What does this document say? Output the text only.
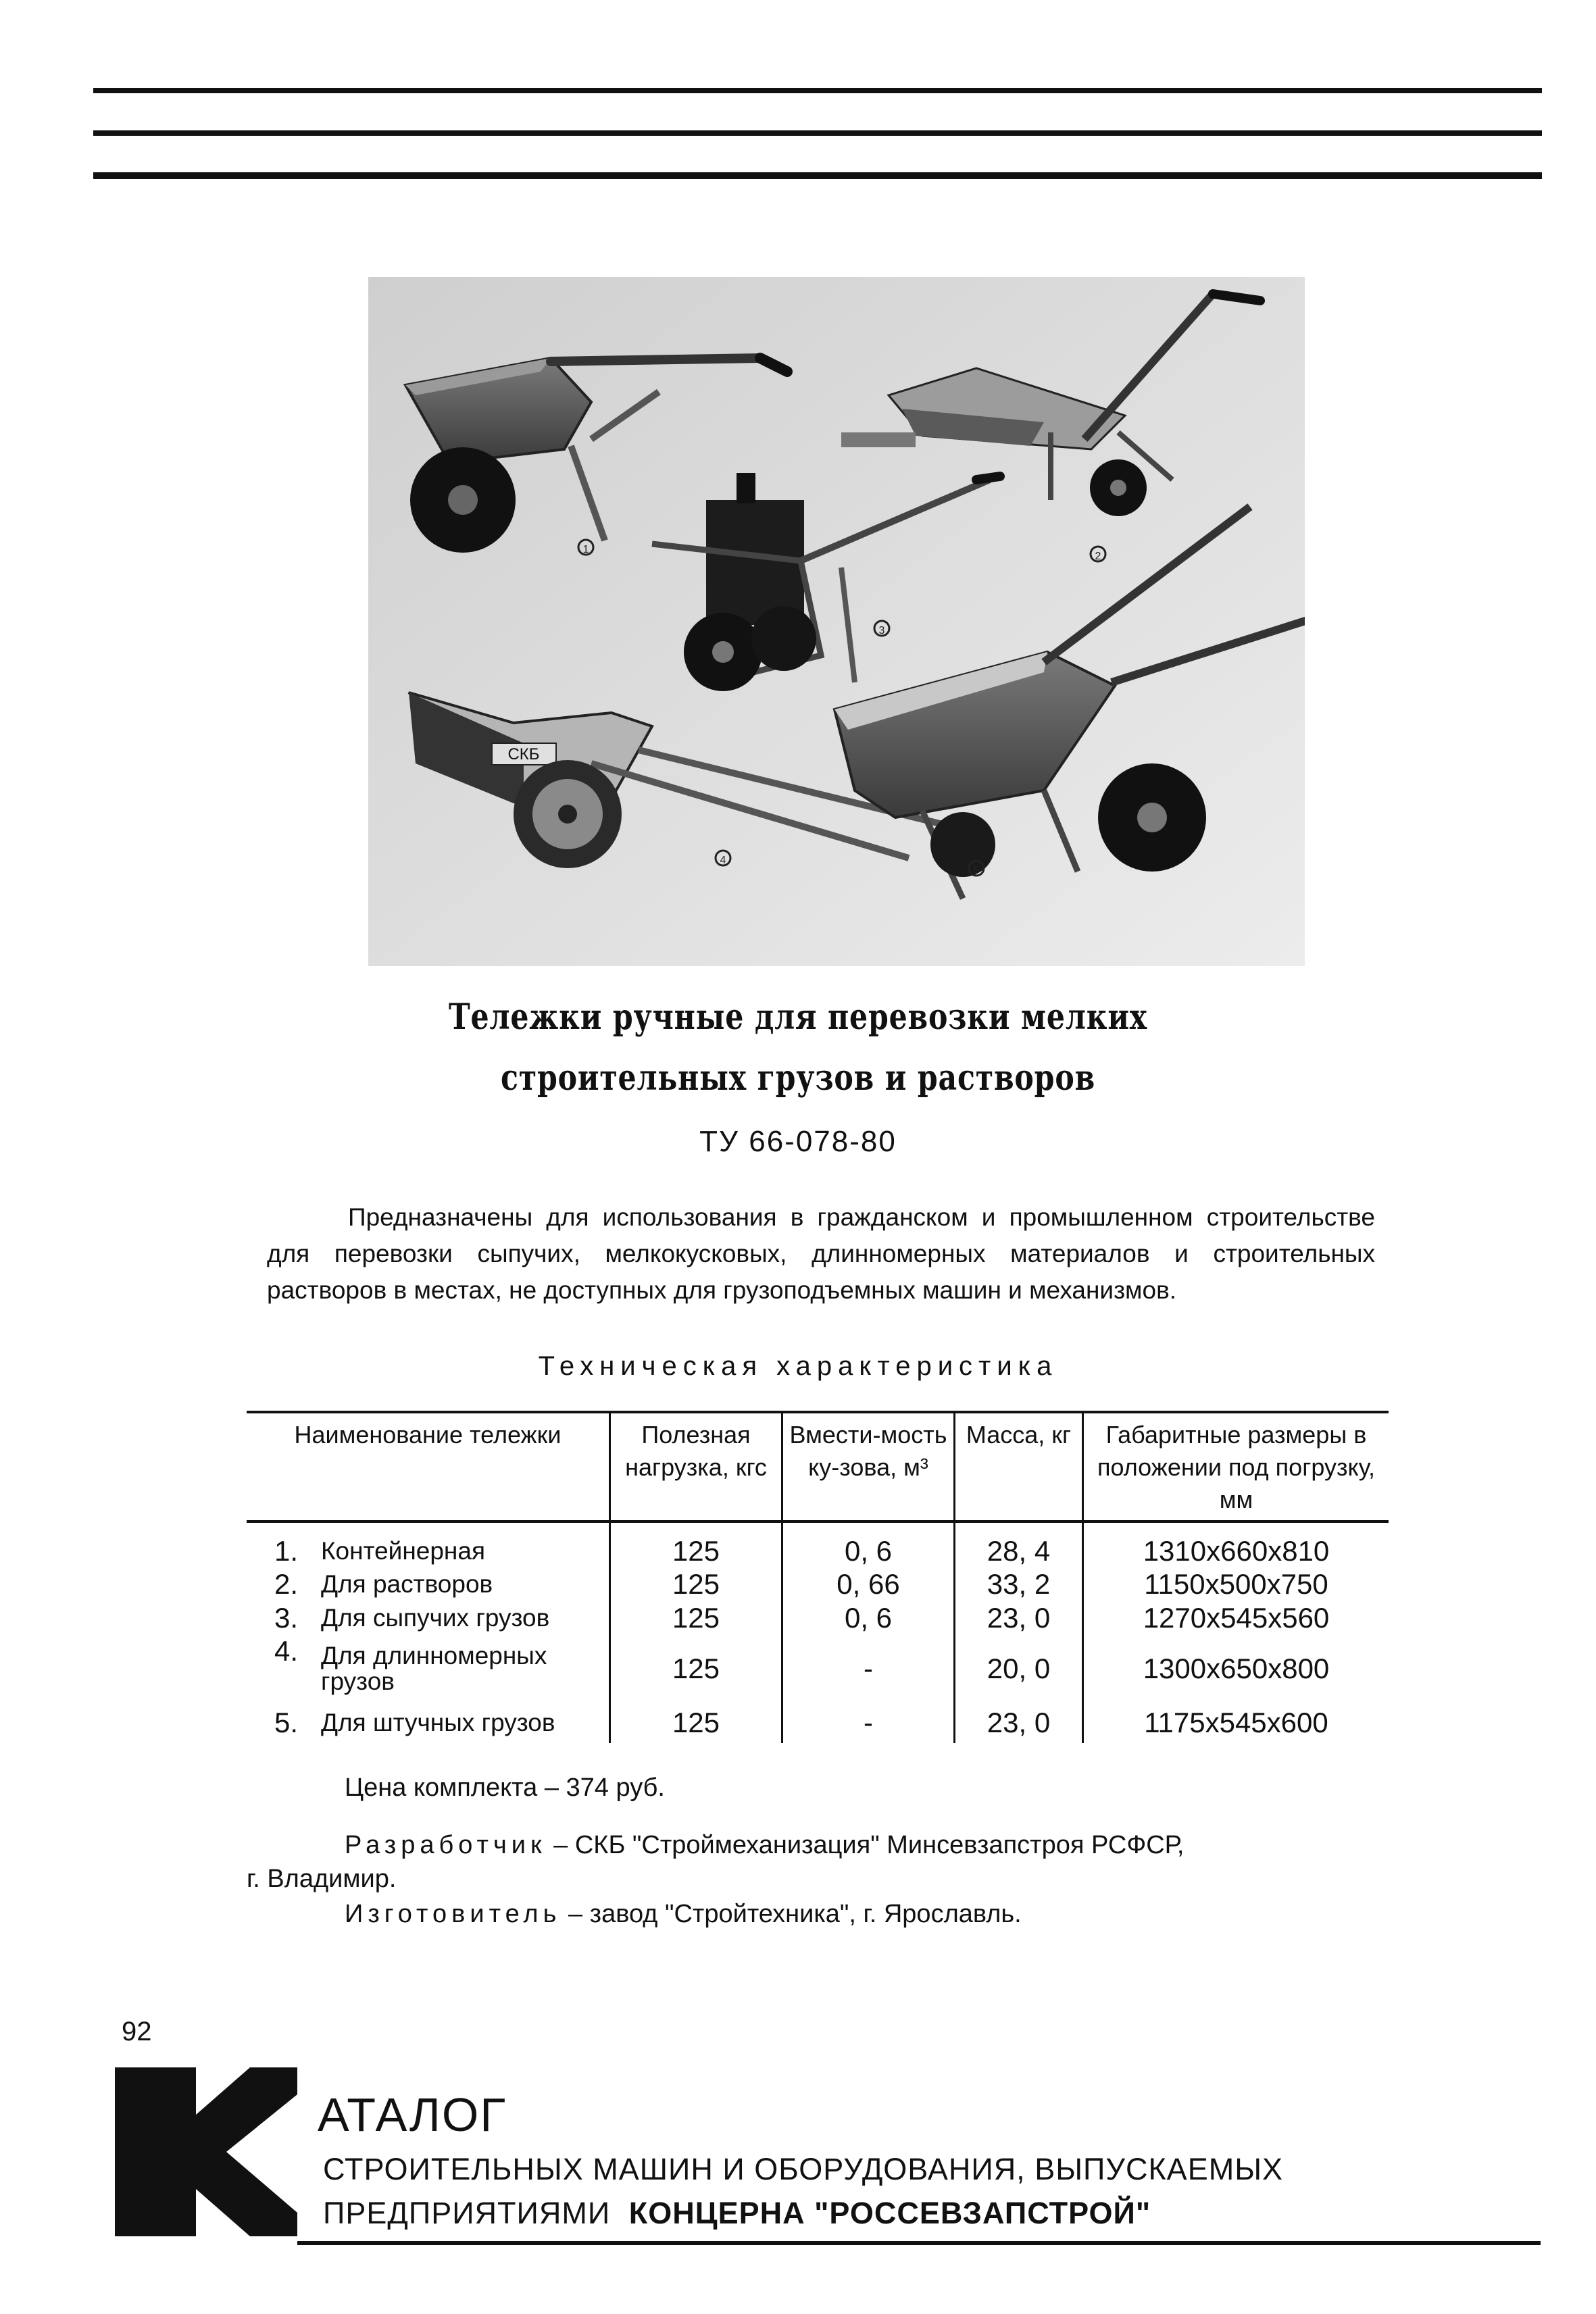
1
2
3
СКБ
4
5
Тележки ручные для перевозки мелких
строительных грузов и растворов
ТУ 66-078-80

Предназначены для использования в гражданском и промышленном строительстве для перевозки сыпучих, мелкокусковых, длинномерных материалов и строительных растворов в местах, не доступных для грузоподъемных машин и механизмов.

Техническая характеристика
Наименование тележки		Полезная нагрузка, кгс	Вмести-мость ку-зова, м³	Масса, кг	Габаритные размеры в положении под погрузку, мм
1.	Контейнерная	125	0, 6	28, 4	1310x660x810
2.	Для растворов	125	0, 66	33, 2	1150x500x750
3.	Для сыпучих грузов	125	0, 6	23, 0	1270x545x560
4.	Для длинномерных грузов	125	-	20, 0	1300x650x800
5.	Для штучных грузов	125	-	23, 0	1175x545x600
Цена комплекта – 374 руб.
Разработчик – СКБ "Строймеханизация" Минсевзапстроя РСФСР,
г. Владимир.
Изготовитель – завод "Стройтехника", г. Ярославль.
92
К
АТАЛОГ
СТРОИТЕЛЬНЫХ МАШИН И ОБОРУДОВАНИЯ, ВЫПУСКАЕМЫХ
ПРЕДПРИЯТИЯМИ КОНЦЕРНА "РОССЕВЗАПСТРОЙ"
